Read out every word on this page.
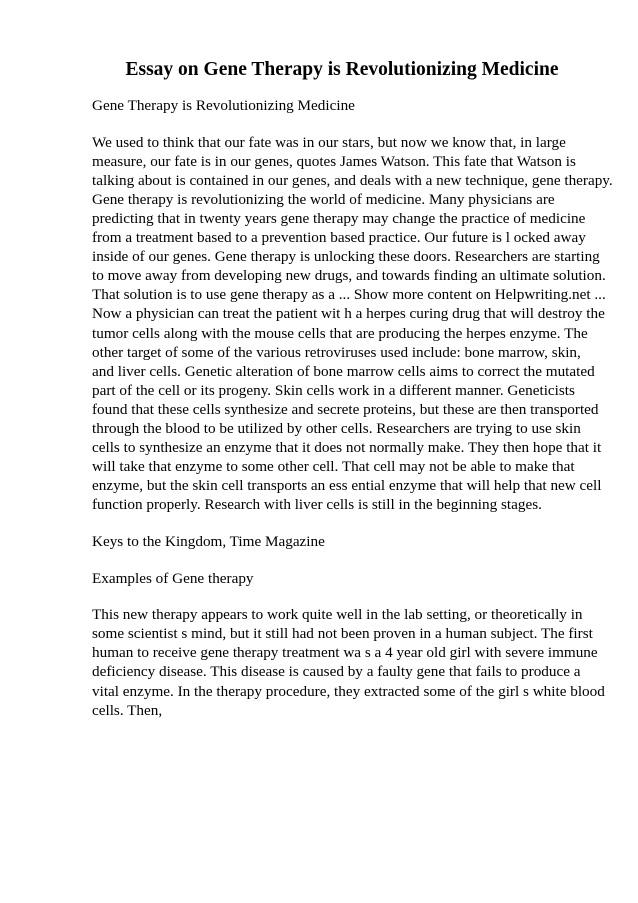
Essay on Gene Therapy is Revolutionizing Medicine
Gene Therapy is Revolutionizing Medicine
We used to think that our fate was in our stars, but now we know that, in large
measure, our fate is in our genes, quotes James Watson. This fate that Watson is
talking about is contained in our genes, and deals with a new technique, gene therapy.
Gene therapy is revolutionizing the world of medicine. Many physicians are
predicting that in twenty years gene therapy may change the practice of medicine
from a treatment based to a prevention based practice. Our future is l ocked away
inside of our genes. Gene therapy is unlocking these doors. Researchers are starting
to move away from developing new drugs, and towards finding an ultimate solution.
That solution is to use gene therapy as a ... Show more content on Helpwriting.net ...
Now a physician can treat the patient wit h a herpes curing drug that will destroy the
tumor cells along with the mouse cells that are producing the herpes enzyme. The
other target of some of the various retroviruses used include: bone marrow, skin,
and liver cells. Genetic alteration of bone marrow cells aims to correct the mutated
part of the cell or its progeny. Skin cells work in a different manner. Geneticists
found that these cells synthesize and secrete proteins, but these are then transported
through the blood to be utilized by other cells. Researchers are trying to use skin
cells to synthesize an enzyme that it does not normally make. They then hope that it
will take that enzyme to some other cell. That cell may not be able to make that
enzyme, but the skin cell transports an ess ential enzyme that will help that new cell
function properly. Research with liver cells is still in the beginning stages.
Keys to the Kingdom, Time Magazine
Examples of Gene therapy
This new therapy appears to work quite well in the lab setting, or theoretically in
some scientist s mind, but it still had not been proven in a human subject. The first
human to receive gene therapy treatment wa s a 4 year old girl with severe immune
deficiency disease. This disease is caused by a faulty gene that fails to produce a
vital enzyme. In the therapy procedure, they extracted some of the girl s white blood
cells. Then,
